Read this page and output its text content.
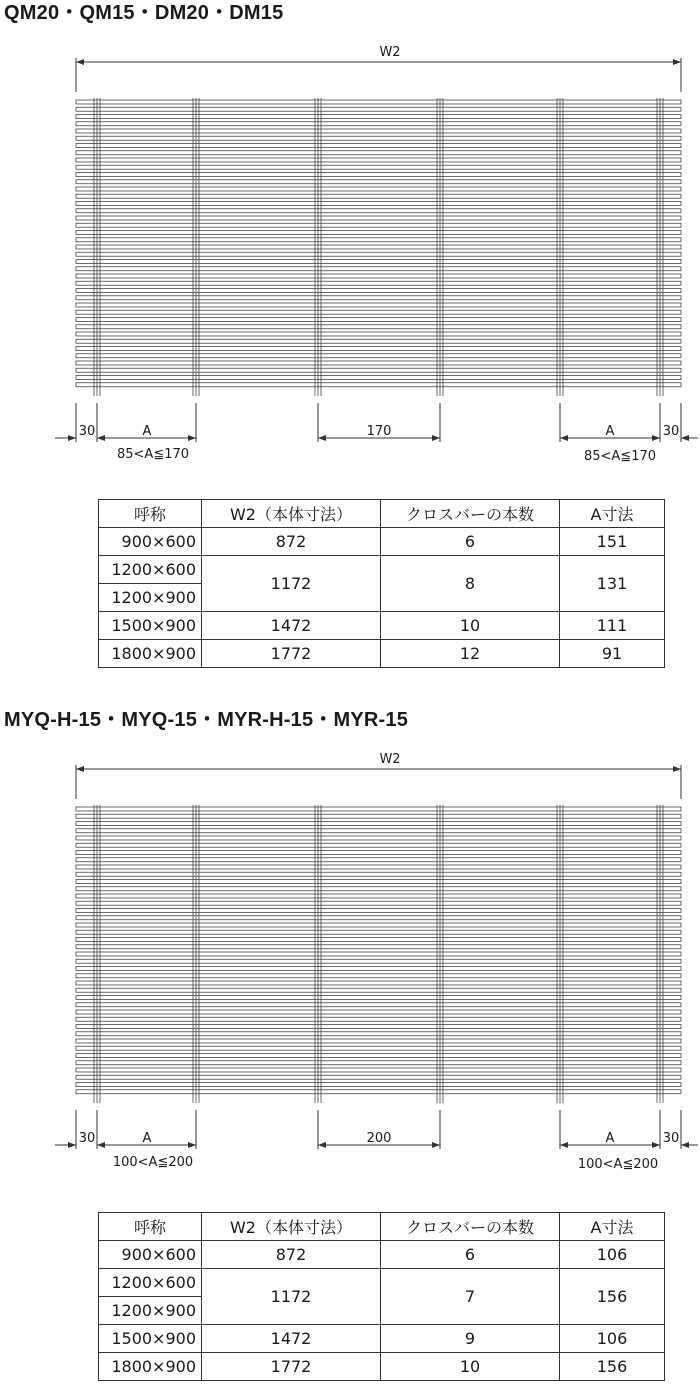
QM20・QM15・DM20・DM15
W2
30	A	170	A	30
85<A≦170	85<A≦170
呼称	W2（本体寸法）	クロスバーの本数	A寸法
900×600	872	6	151
1200×600	1172	8	131
1200×900			
1500×900	1472	10	111
1800×900	1772	12	91
MYQ-H-15・MYQ-15・MYR-H-15・MYR-15
W2
30	A	200	A	30
100<A≦200	100<A≦200
呼称	W2（本体寸法）	クロスバーの本数	A寸法
900×600	872	6	106
1200×600	1172	7	156
1200×900			
1500×900	1472	9	106
1800×900	1772	10	156
